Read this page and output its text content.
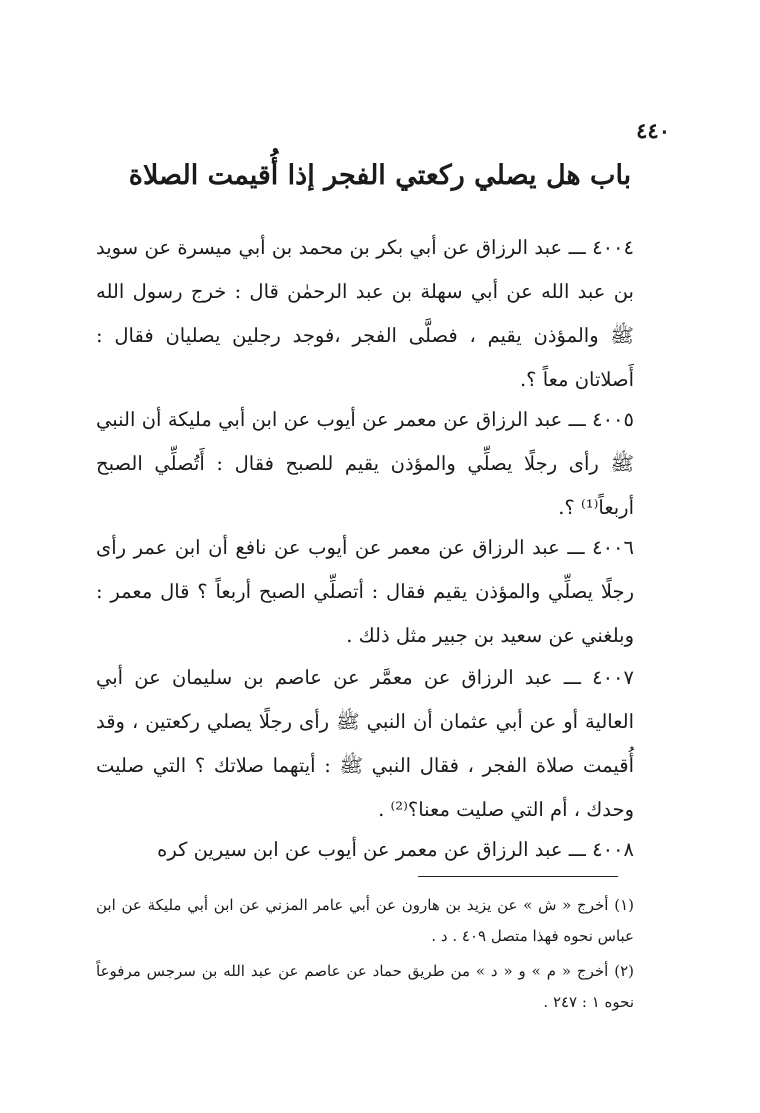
٤٤٠
باب هل يصلي ركعتي الفجر إذا أُقيمت الصلاة

٤٠٠٤ ـــ عبد الرزاق عن أبي بكر بن محمد بن أبي ميسرة عن سويد بن عبد الله عن أبي سهلة بن عبد الرحمٰن قال : خرج رسول الله ﷺ والمؤذن يقيم ، فصلَّى الفجر ،فوجد رجلين يصليان فقال : أَصلاتان معاً ؟.

٤٠٠٥ ـــ عبد الرزاق عن معمر عن أيوب عن ابن أبي مليكة أن النبي ﷺ رأى رجلًا يصلِّي والمؤذن يقيم للصبح فقال : أَتُصلِّي الصبح أربعاً⁽¹⁾ ؟.

٤٠٠٦ ـــ عبد الرزاق عن معمر عن أيوب عن نافع أن ابن عمر رأى رجلًا يصلِّي والمؤذن يقيم فقال : أتصلِّي الصبح أربعاً ؟ قال معمر : وبلغني عن سعيد بن جبير مثل ذلك .

٤٠٠٧ ـــ عبد الرزاق عن معمَّر عن عاصم بن سليمان عن أبي العالية أو عن أبي عثمان أن النبي ﷺ رأى رجلًا يصلي ركعتين ، وقد أُقيمت صلاة الفجر ، فقال النبي ﷺ : أيتهما صلاتك ؟ التي صليت وحدك ، أم التي صليت معنا؟⁽²⁾ .

٤٠٠٨ ـــ عبد الرزاق عن معمر عن أيوب عن ابن سيرين كره

(١) أخرج « ش » عن يزيد بن هارون عن أبي عامر المزني عن ابن أبي مليكة عن ابن عباس نحوه فهذا متصل ٤٠٩ . د .
(٢) أخرج « م » و « د » من طريق حماد عن عاصم عن عبد الله بن سرجس مرفوعاً نحوه ١ : ٢٤٧ .
